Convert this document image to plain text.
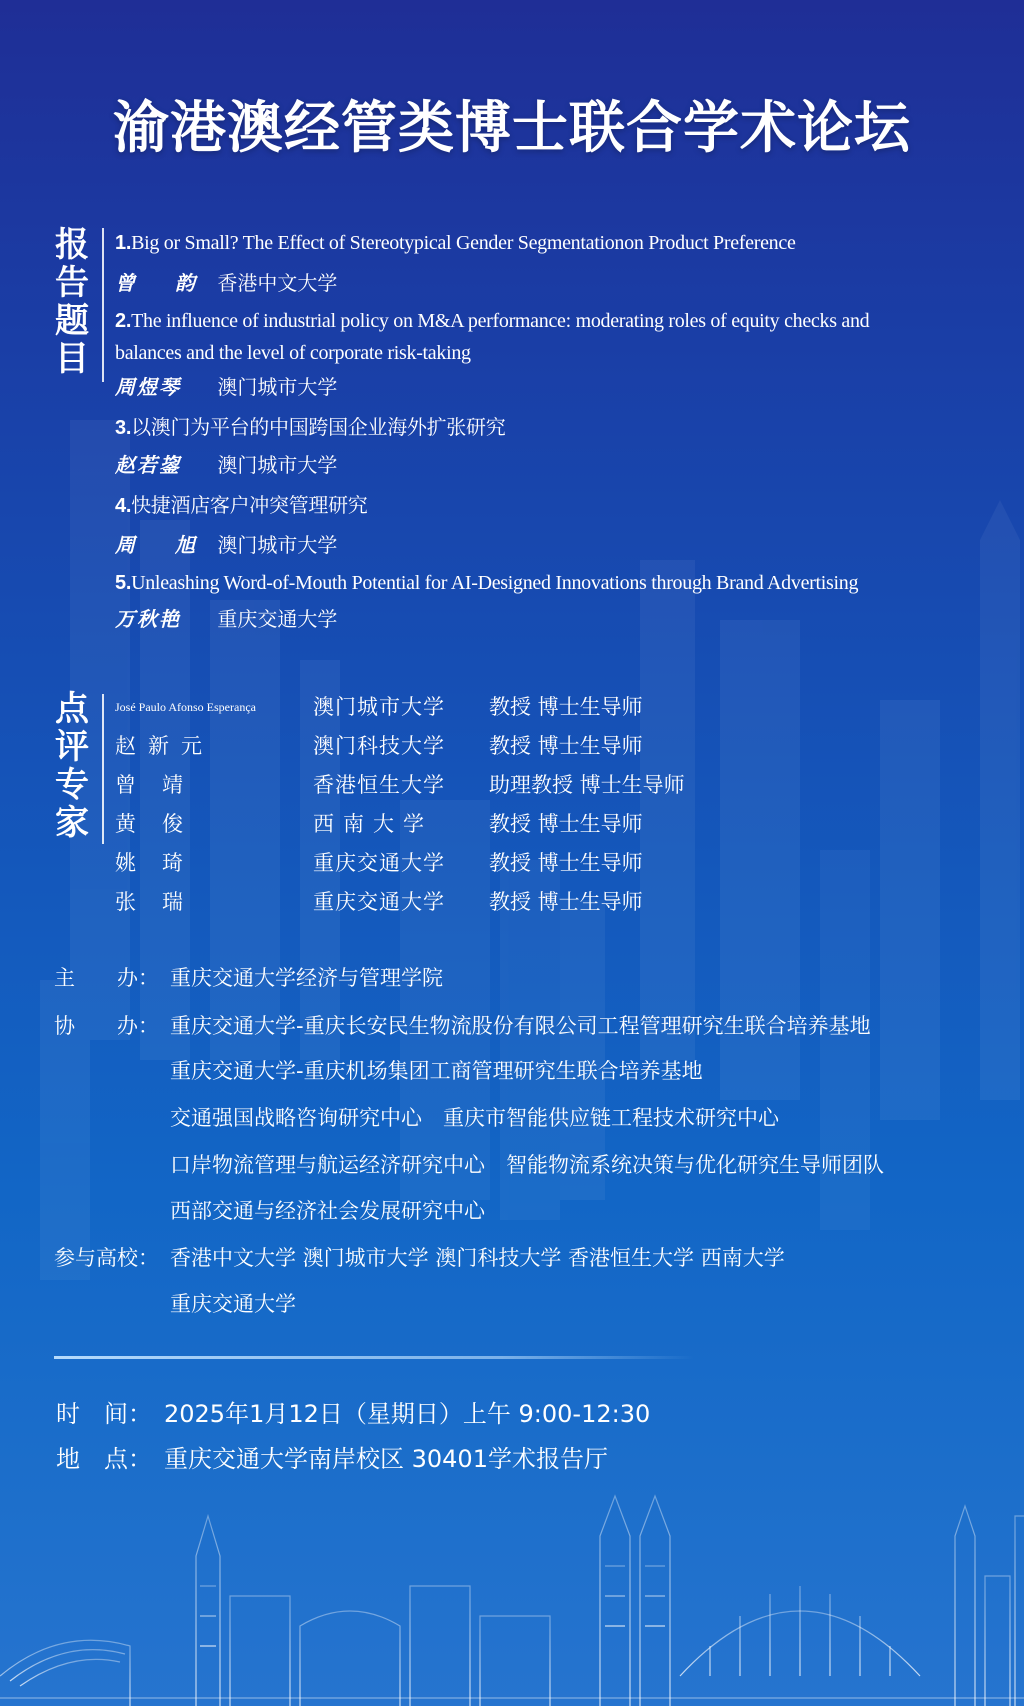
渝港澳经管类博士联合学术论坛
报告题目
1.Big or Small? The Effect of Stereotypical Gender Segmentationon Product Preference
曾　韵 香港中文大学
2.The influence of industrial policy on M&A performance: moderating roles of equity checks and
balances and the level of corporate risk-taking
周煜琴 澳门城市大学
3.以澳门为平台的中国跨国企业海外扩张研究
赵若鋆 澳门城市大学
4.快捷酒店客户冲突管理研究
周　旭 澳门城市大学
5.Unleashing Word-of-Mouth Potential for AI-Designed Innovations through Brand Advertising
万秋艳 重庆交通大学
点评专家
José Paulo Afonso Esperança	澳门城市大学	教授 博士生导师
赵新元	澳门科技大学	教授 博士生导师
曾靖	香港恒生大学	助理教授 博士生导师
黄俊	西南大学	教授 博士生导师
姚琦	重庆交通大学	教授 博士生导师
张瑞	重庆交通大学	教授 博士生导师
主　　办： 重庆交通大学经济与管理学院
协　　办： 重庆交通大学-重庆长安民生物流股份有限公司工程管理研究生联合培养基地
重庆交通大学-重庆机场集团工商管理研究生联合培养基地
交通强国战略咨询研究中心　重庆市智能供应链工程技术研究中心
口岸物流管理与航运经济研究中心　智能物流系统决策与优化研究生导师团队
西部交通与经济社会发展研究中心
参与高校： 香港中文大学 澳门城市大学 澳门科技大学 香港恒生大学 西南大学
重庆交通大学
时　间： 2025年1月12日（星期日）上午 9:00-12:30
地　点： 重庆交通大学南岸校区 30401学术报告厅
